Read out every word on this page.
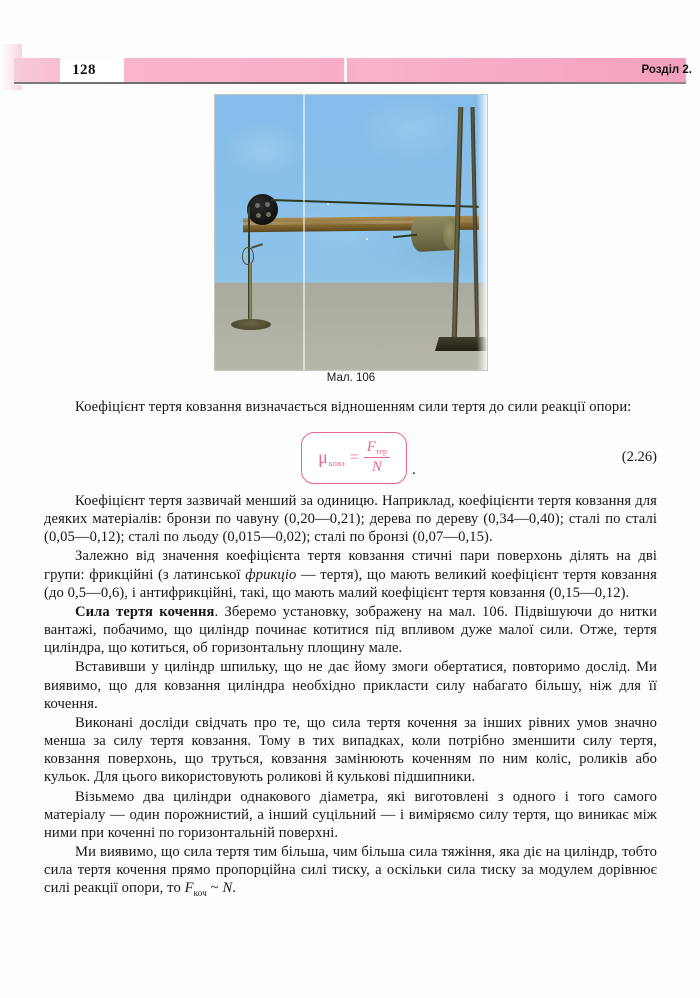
128	Розділ 2.
Мал. 106

Коефіцієнт тертя ковзання визначається відношенням сили тертя до сили реакції опори:

μ ковз = $\frac{F_{тер}}{N}$ .
(2.26)

Коефіцієнт тертя зазвичай менший за одиницю. Наприклад, коефіцієнти тертя ковзання для деяких матеріалів: бронзи по чавуну (0,20—0,21); дерева по дереву (0,34—0,40); сталі по сталі (0,05—0,12); сталі по льоду (0,015—0,02); сталі по бронзі (0,07—0,15).

Залежно від значення коефіцієнта тертя ковзання стичні пари поверхонь ділять на дві групи: фрикційні (з латинської фрикціо — тертя), що мають великий коефіцієнт тертя ковзання (до 0,5—0,6), і антифрикційні, такі, що мають малий коефіцієнт тертя ковзання (0,15—0,12).

Сила тертя кочення. Зберемо установку, зображену на мал. 106. Підвішуючи до нитки вантажі, побачимо, що циліндр починає котитися під впливом дуже малої сили. Отже, тертя циліндра, що котиться, об горизонтальну площину мале.

Вставивши у циліндр шпильку, що не дає йому змоги обертатися, повторимо дослід. Ми виявимо, що для ковзання циліндра необхідно прикласти силу набагато більшу, ніж для її кочення.

Виконані досліди свідчать про те, що сила тертя кочення за інших рівних умов значно менша за силу тертя ковзання. Тому в тих випадках, коли потрібно зменшити силу тертя, ковзання поверхонь, що труться, ковзання замінюють коченням по ним коліс, роликів або кульок. Для цього використовують роликові й кулькові підшипники.

Візьмемо два циліндри однакового діаметра, які виготовлені з одного і того самого матеріалу — один порожнистий, а інший суцільний — і виміряємо силу тертя, що виникає між ними при коченні по горизонтальній поверхні.

Ми виявимо, що сила тертя тим більша, чим більша сила тяжіння, яка діє на циліндр, тобто сила тертя кочення прямо пропорційна силі тиску, а оскільки сила тиску за модулем дорівнює силі реакції опори, то $F_{коч}$ ~ N.
